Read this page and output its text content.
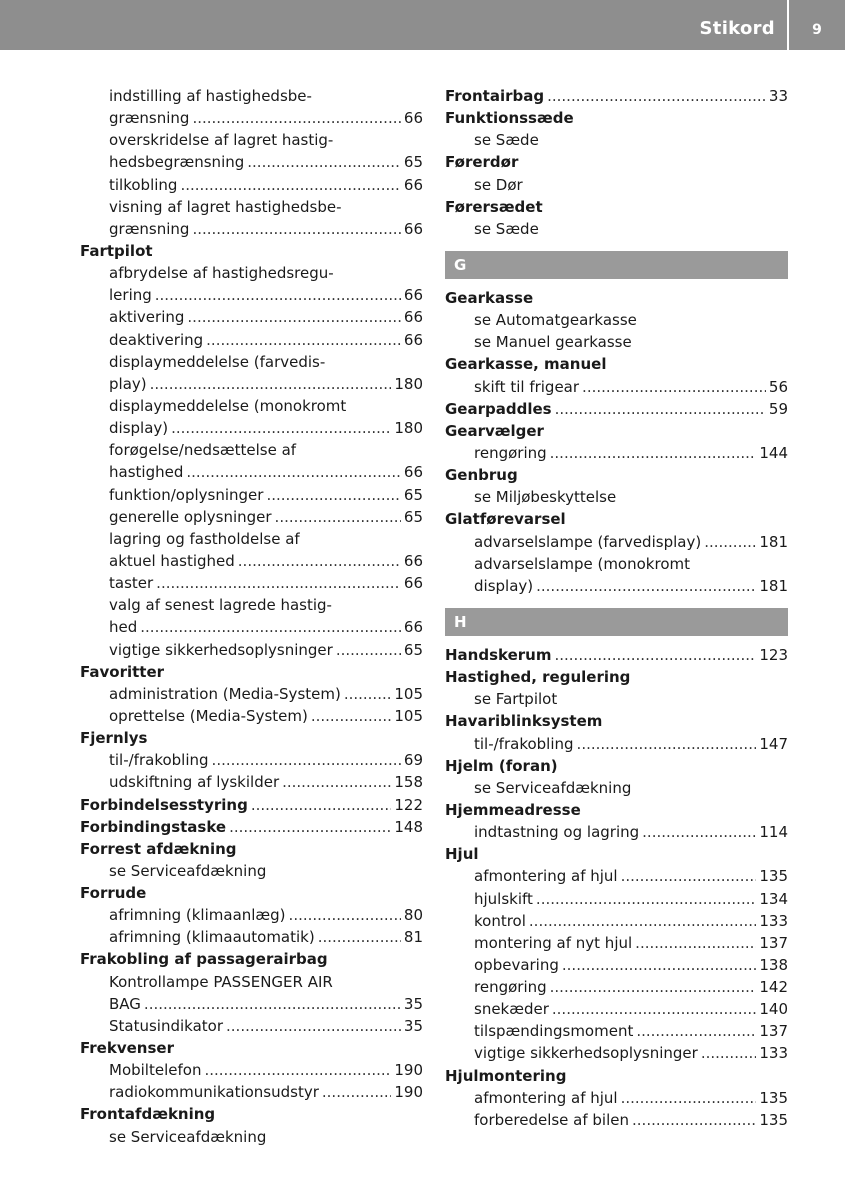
Stikord	9
indstilling af hastighedsbe-
grænsning .....	66
overskridelse af lagret hastig-
hedsbegrænsning .....	65
tilkobling .....	66
visning af lagret hastighedsbe-
grænsning .....	66
Fartpilot
afbrydelse af hastighedsregu-
lering .....	66
aktivering .....	66
deaktivering .....	66
displaymeddelelse (farvedis-
play) .....	180
displaymeddelelse (monokromt
display) .....	180
forøgelse/nedsættelse af
hastighed .....	66
funktion/oplysninger .....	65
generelle oplysninger .....	65
lagring og fastholdelse af
aktuel hastighed .....	66
taster .....	66
valg af senest lagrede hastig-
hed .....	66
vigtige sikkerhedsoplysninger .....	65
Favoritter
administration (Media-System) .....	105
oprettelse (Media-System) .....	105
Fjernlys
til-/frakobling .....	69
udskiftning af lyskilder .....	158
Forbindelsesstyring .....	122
Forbindingstaske .....	148
Forrest afdækning
se Serviceafdækning
Forrude
afrimning (klimaanlæg) .....	80
afrimning (klimaautomatik) .....	81
Frakobling af passagerairbag
Kontrollampe PASSENGER AIR
BAG .....	35
Statusindikator .....	35
Frekvenser
Mobiltelefon .....	190
radiokommunikationsudstyr .....	190
Frontafdækning
se Serviceafdækning
Frontairbag .....	33
Funktionssæde
se Sæde
Førerdør
se Dør
Førersædet
se Sæde
G
Gearkasse
se Automatgearkasse
se Manuel gearkasse
Gearkasse, manuel
skift til frigear .....	56
Gearpaddles .....	59
Gearvælger
rengøring .....	144
Genbrug
se Miljøbeskyttelse
Glatførevarsel
advarselslampe (farvedisplay) .....	181
advarselslampe (monokromt
display) .....	181
H
Handskerum .....	123
Hastighed, regulering
se Fartpilot
Havariblinksystem
til-/frakobling .....	147
Hjelm (foran)
se Serviceafdækning
Hjemmeadresse
indtastning og lagring .....	114
Hjul
afmontering af hjul .....	135
hjulskift .....	134
kontrol .....	133
montering af nyt hjul .....	137
opbevaring .....	138
rengøring .....	142
snekæder .....	140
tilspændingsmoment .....	137
vigtige sikkerhedsoplysninger .....	133
Hjulmontering
afmontering af hjul .....	135
forberedelse af bilen .....	135
